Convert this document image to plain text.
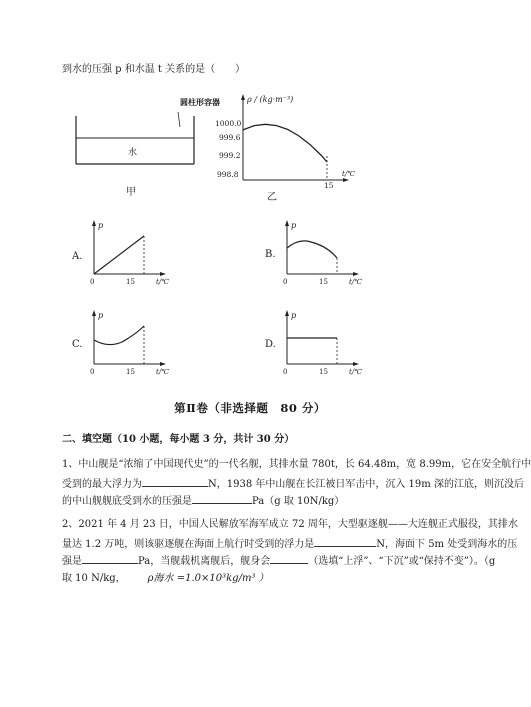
到水的压强 p 和水温 t 关系的是（　　）
圆柱形容器
水
甲
ρ / (kg·m⁻³)
t/℃
1000.0
999.6
999.2
998.8
15
乙
A.
p
t/℃
0	15
B.
p
t/℃
0	15
C.
p
t/℃
0	15
D.
p
t/℃
0	15
第Ⅱ卷（非选择题　80 分）
二、填空题（10 小题，每小题 3 分，共计 30 分）
1、中山舰是“浓缩了中国现代史”的一代名舰，其排水量 780t，长 64.48m，宽 8.99m，它在安全航行中
受到的最大浮力为	N，1938 年中山舰在长江被日军击中，沉入 19m 深的江底，则沉没后
的中山舰舰底受到水的压强是	Pa（g 取 10N/kg）
2、2021 年 4 月 23 日，中国人民解放军海军成立 72 周年，大型驱逐舰——大连舰正式服役，其排水
量达 1.2 万吨，则该驱逐舰在海面上航行时受到的浮力是	N，海面下 5m 处受到海水的压
强是	Pa，当舰载机离舰后，舰身会	（选填“上浮”、“下沉”或“保持不变”）。（g
取 10 N/kg， ρ海水 =1.0×10³kg/m³ ）
